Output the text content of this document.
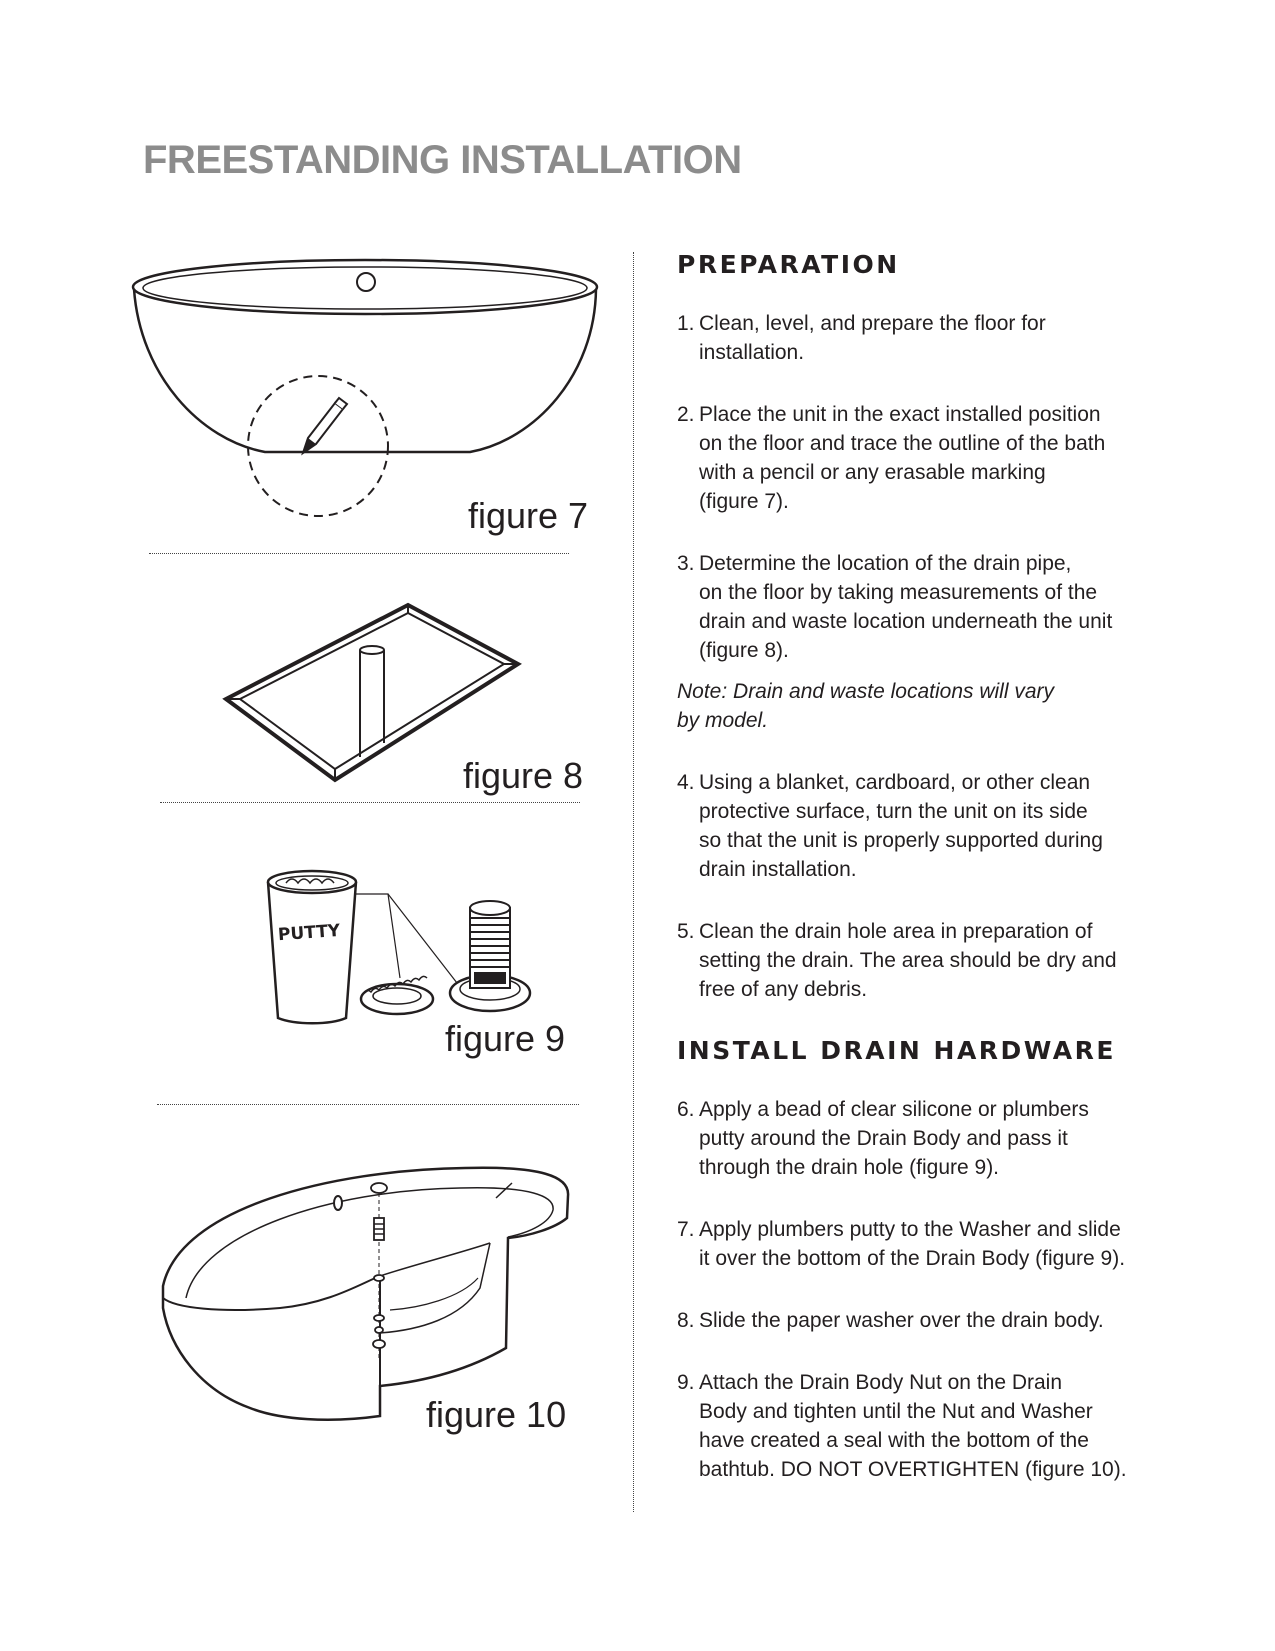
FREESTANDING INSTALLATION
figure 7
figure 8
PUTTY
figure 9
figure 10
PREPARATION
1. Clean, level, and prepare the floor for
installation.
2. Place the unit in the exact installed position
on the floor and trace the outline of the bath
with a pencil or any erasable marking
(figure 7).
3. Determine the location of the drain pipe,
on the floor by taking measurements of the
drain and waste location underneath the unit
(figure 8).
Note: Drain and waste locations will vary
by model.
4. Using a blanket, cardboard, or other clean
protective surface, turn the unit on its side
so that the unit is properly supported during
drain installation.
5. Clean the drain hole area in preparation of
setting the drain. The area should be dry and
free of any debris.
INSTALL DRAIN HARDWARE
6. Apply a bead of clear silicone or plumbers
putty around the Drain Body and pass it
through the drain hole (figure 9).
7. Apply plumbers putty to the Washer and slide
it over the bottom of the Drain Body (figure 9).
8. Slide the paper washer over the drain body.
9. Attach the Drain Body Nut on the Drain
Body and tighten until the Nut and Washer
have created a seal with the bottom of the
bathtub. DO NOT OVERTIGHTEN (figure 10).
